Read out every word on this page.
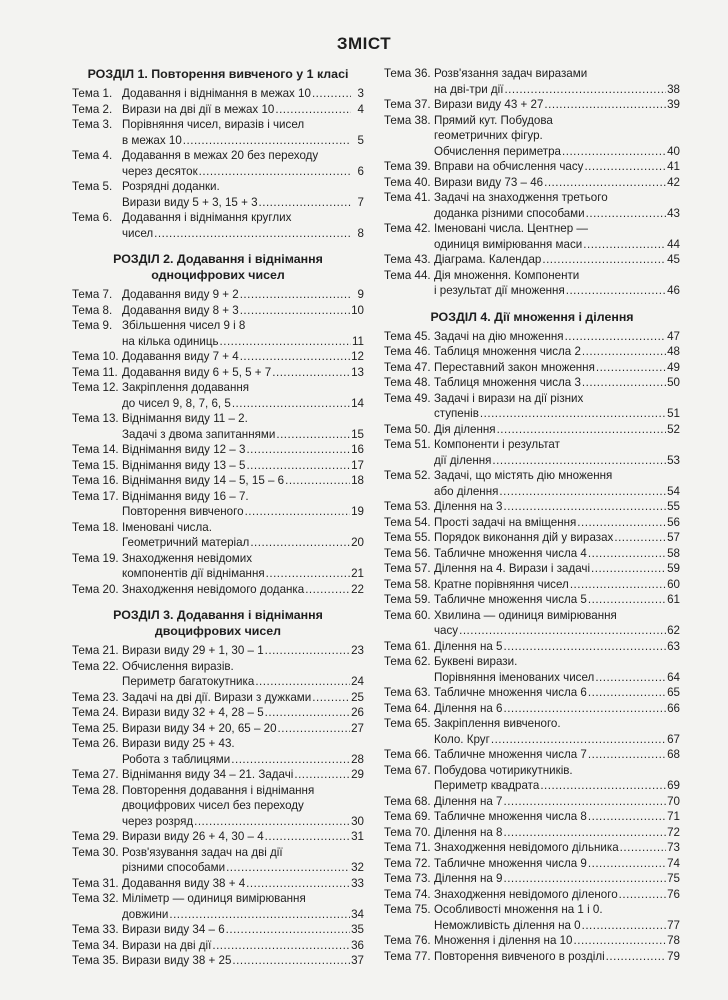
ЗМІСТ
РОЗДІЛ 1. Повторення вивченого у 1 класі
Тема 1. Додавання і віднімання в межах 10 .....	3
Тема 2. Вирази на дві дії в межах 10 .....	4
Тема 3. Порівняння чисел, виразів і чисел
в межах 10 .....	5
Тема 4. Додавання в межах 20 без переходу
через десяток .....	6
Тема 5. Розрядні доданки.
Вирази виду 5 + 3, 15 + 3 .....	7
Тема 6. Додавання і віднімання круглих
чисел .....	8
РОЗДІЛ 2. Додавання і віднімання
одноцифрових чисел
Тема 7. Додавання виду 9 + 2 .....	9
Тема 8. Додавання виду 8 + 3 .....	10
Тема 9. Збільшення чисел 9 і 8
на кілька одиниць .....	11
Тема 10. Додавання виду 7 + 4 .....	12
Тема 11. Додавання виду 6 + 5, 5 + 7 .....	13
Тема 12. Закріплення додавання
до чисел 9, 8, 7, 6, 5 .....	14
Тема 13. Віднімання виду 11 – 2.
Задачі з двома запитаннями .....	15
Тема 14. Віднімання виду 12 – 3 .....	16
Тема 15. Віднімання виду 13 – 5 .....	17
Тема 16. Віднімання виду 14 – 5, 15 – 6 .....	18
Тема 17. Віднімання виду 16 – 7.
Повторення вивченого .....	19
Тема 18. Іменовані числа.
Геометричний матеріал .....	20
Тема 19. Знаходження невідомих
компонентів дії віднімання .....	21
Тема 20. Знаходження невідомого доданка .....	22
РОЗДІЛ 3. Додавання і віднімання
двоцифрових чисел
Тема 21. Вирази виду 29 + 1, 30 – 1 .....	23
Тема 22. Обчислення виразів.
Периметр багатокутника .....	24
Тема 23. Задачі на дві дії. Вирази з дужками .....	25
Тема 24. Вирази виду 32 + 4, 28 – 5 .....	26
Тема 25. Вирази виду 34 + 20, 65 – 20 .....	27
Тема 26. Вирази виду 25 + 43.
Робота з таблицями .....	28
Тема 27. Віднімання виду 34 – 21. Задачі .....	29
Тема 28. Повторення додавання і віднімання
двоцифрових чисел без переходу
через розряд .....	30
Тема 29. Вирази виду 26 + 4, 30 – 4 .....	31
Тема 30. Розв'язування задач на дві дії
різними способами .....	32
Тема 31. Додавання виду 38 + 4 .....	33
Тема 32. Міліметр — одиниця вимірювання
довжини .....	34
Тема 33. Вирази виду 34 – 6 .....	35
Тема 34. Вирази на дві дії .....	36
Тема 35. Вирази виду 38 + 25 .....	37
Тема 36. Розв'язання задач виразами
на дві-три дії .....	38
Тема 37. Вирази виду 43 + 27 .....	39
Тема 38. Прямий кут. Побудова
геометричних фігур.
Обчислення периметра .....	40
Тема 39. Вправи на обчислення часу .....	41
Тема 40. Вирази виду 73 – 46 .....	42
Тема 41. Задачі на знаходження третього
доданка різними способами .....	43
Тема 42. Іменовані числа. Центнер —
одиниця вимірювання маси .....	44
Тема 43. Діаграма. Календар .....	45
Тема 44. Дія множення. Компоненти
і результат дії множення .....	46
РОЗДІЛ 4. Дії множення і ділення
Тема 45. Задачі на дію множення .....	47
Тема 46. Таблиця множення числа 2 .....	48
Тема 47. Переставний закон множення .....	49
Тема 48. Таблиця множення числа 3 .....	50
Тема 49. Задачі і вирази на дії різних
ступенів .....	51
Тема 50. Дія ділення .....	52
Тема 51. Компоненти і результат
дії ділення .....	53
Тема 52. Задачі, що містять дію множення
або ділення .....	54
Тема 53. Ділення на 3 .....	55
Тема 54. Прості задачі на вміщення .....	56
Тема 55. Порядок виконання дій у виразах .....	57
Тема 56. Табличне множення числа 4 .....	58
Тема 57. Ділення на 4. Вирази і задачі .....	59
Тема 58. Кратне порівняння чисел .....	60
Тема 59. Табличне множення числа 5 .....	61
Тема 60. Хвилина — одиниця вимірювання
часу .....	62
Тема 61. Ділення на 5 .....	63
Тема 62. Буквені вирази.
Порівняння іменованих чисел .....	64
Тема 63. Табличне множення числа 6 .....	65
Тема 64. Ділення на 6 .....	66
Тема 65. Закріплення вивченого.
Коло. Круг .....	67
Тема 66. Табличне множення числа 7 .....	68
Тема 67. Побудова чотирикутників.
Периметр квадрата .....	69
Тема 68. Ділення на 7 .....	70
Тема 69. Табличне множення числа 8 .....	71
Тема 70. Ділення на 8 .....	72
Тема 71. Знаходження невідомого дільника .....	73
Тема 72. Табличне множення числа 9 .....	74
Тема 73. Ділення на 9 .....	75
Тема 74. Знаходження невідомого діленого .....	76
Тема 75. Особливості множення на 1 і 0.
Неможливість ділення на 0 .....	77
Тема 76. Множення і ділення на 10 .....	78
Тема 77. Повторення вивченого в розділі .....	79
